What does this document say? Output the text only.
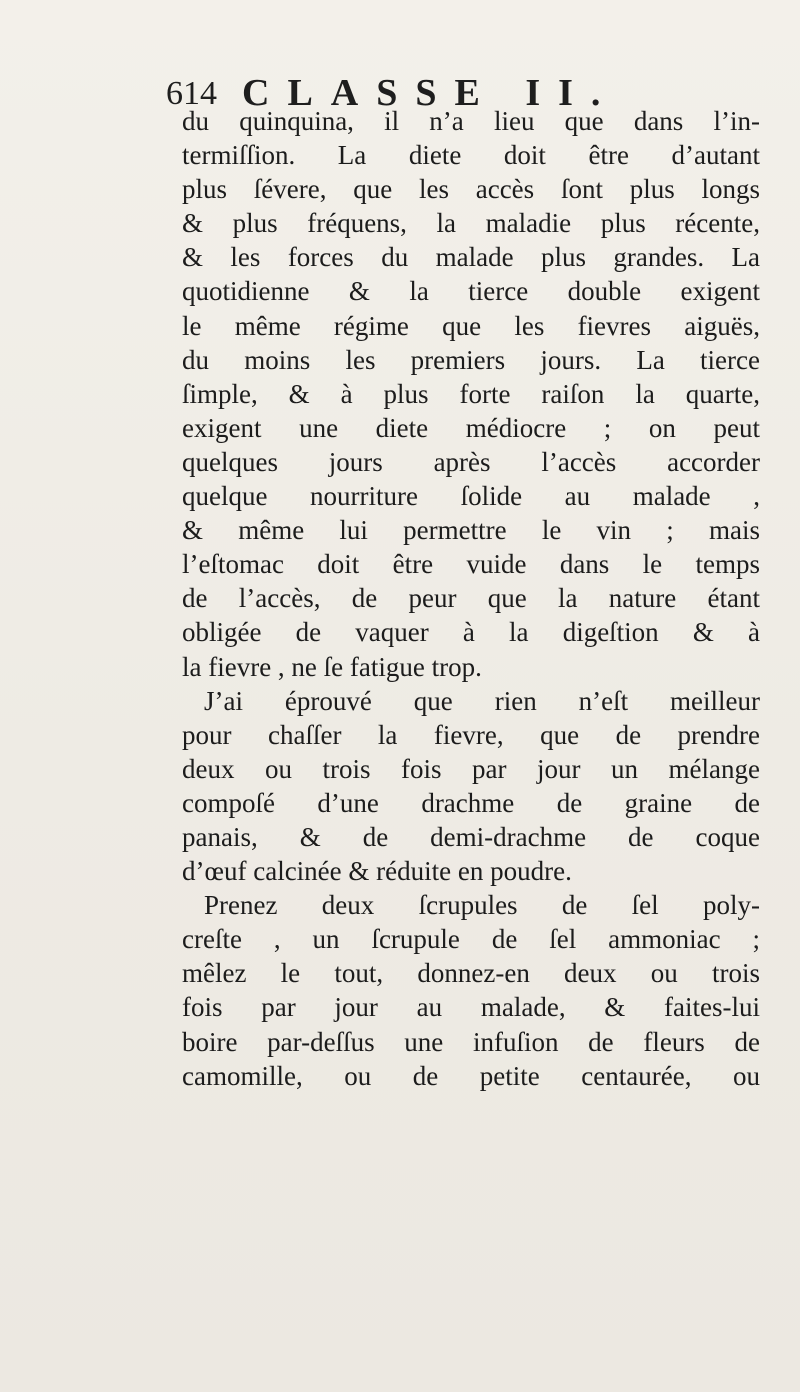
614 CLASSE II.
du quinquina, il n’a lieu que dans l’in-
termiſſion. La diete doit être d’autant
plus ſévere, que les accès ſont plus longs
& plus fréquens, la maladie plus récente,
& les forces du malade plus grandes. La
quotidienne & la tierce double exigent
le même régime que les fievres aiguës,
du moins les premiers jours. La tierce
ſimple, & à plus forte raiſon la quarte,
exigent une diete médiocre ; on peut
quelques jours après l’accès accorder
quelque nourriture ſolide au malade ,
& même lui permettre le vin ; mais
l’eſtomac doit être vuide dans le temps
de l’accès, de peur que la nature étant
obligée de vaquer à la digeſtion & à
la fievre , ne ſe fatigue trop.
J’ai éprouvé que rien n’eſt meilleur
pour chaſſer la fievre, que de prendre
deux ou trois fois par jour un mélange
compoſé d’une drachme de graine de
panais, & de demi-drachme de coque
d’œuf calcinée & réduite en poudre.
Prenez deux ſcrupules de ſel poly-
creſte , un ſcrupule de ſel ammoniac ;
mêlez le tout, donnez-en deux ou trois
fois par jour au malade, & faites-lui
boire par-deſſus une infuſion de fleurs de
camomille, ou de petite centaurée, ou
